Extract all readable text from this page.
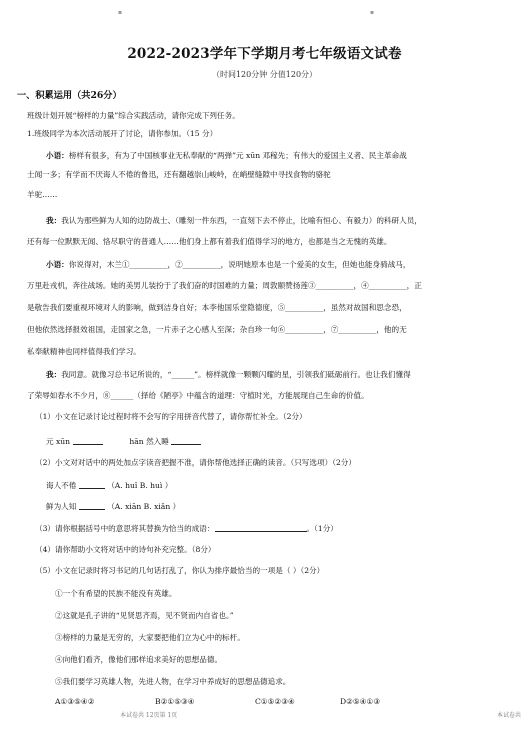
▪	▪
2022-2023学年下学期月考七年级语文试卷
（时间120分钟 分值120分）
一、积累运用（共26分）
班级计划开展“榜样的力量”综合实践活动，请你完成下列任务。
1.班级同学为本次活动展开了讨论，请你参加。（15 分）
小语：榜样有很多，有为了中国核事业无私奉献的“两弹”元 xūn 邓稼先；有伟大的爱国主义者、民主革命战
士闻一多；有学而不厌诲人不倦的鲁迅，还有翻越崇山峻岭，在峭壁缝隙中寻找食物的骆驼
羊驼……
我：我认为那些鲜为人知的边防战士、（雕刻一件东西，一直刻下去不停止，比喻有恒心、有毅力）的科研人员，
还有每一位默默无闻、恪尽职守的普通人……他们身上都有着我们值得学习的地方，也都是当之无愧的英雄。
小语：你说得对，木兰①__________，②__________，说明她原本也是一个爱美的女生，但她也能身骑战马，
万里赴戎机，奔往战场。她的美男儿装扮于了我们奋的时国难的力量；周敦颐赞扬莲③__________，④__________，正
是敬告我们要重视环境对人的影响，做到洁身自好；本李他国乐堂隐德度，⑤__________，虽然对故国和思念恐，
但他依然选择报效祖国，走国家之急，一片赤子之心感人至深；杂自珍一句⑥__________，⑦__________，他的无
私奉献精神也同样值得我们学习。
我：我同意。就像习总书记所说的，“______”。榜样就像一颗颗闪耀的星，引领我们砥砺前行。也让我们懂得
了荣辱如春水不少月，⑧______（择给《陋亭》中蕴含的道理：守植时光，方能展现自己生命的价值。
（1）小文在记录讨论过程时将不会写的字用拼音代替了，请你帮忙补全。（2分）
元 xūn	hān 然入睡
（2）小文对对话中的两处加点字读音把握不准，请你帮他选择正确的读音。（只写选项）（2分）
诲人不倦	（A. huǐ B. huì ）
鲜为人知	（A. xiān B. xiǎn ）
（3）请你根据括号中的意思将其替换为恰当的成语：	。（1分）
（4）请你帮助小文将对话中的诗句补充完整。（8分）
（5）小文在记录时将习书记的几句话打乱了，你认为排序最恰当的一项是（ ）（2分）
①一个有希望的民族不能没有英雄。
②这就是孔子讲的“见贤思齐焉，见不贤而内自省也。”
③榜样的力量是无穷的，大家要把他们立为心中的标杆。
④向他们看齐，像他们那样追求美好的思想品德。
⑤我们要学习英雄人物，先进人物，在学习中养成好的思想品德追求。
A①③⑤④②	B②①⑤③④	C①⑤②③④	D②⑤④①③
本试卷共 12页第 1页	本试卷共
